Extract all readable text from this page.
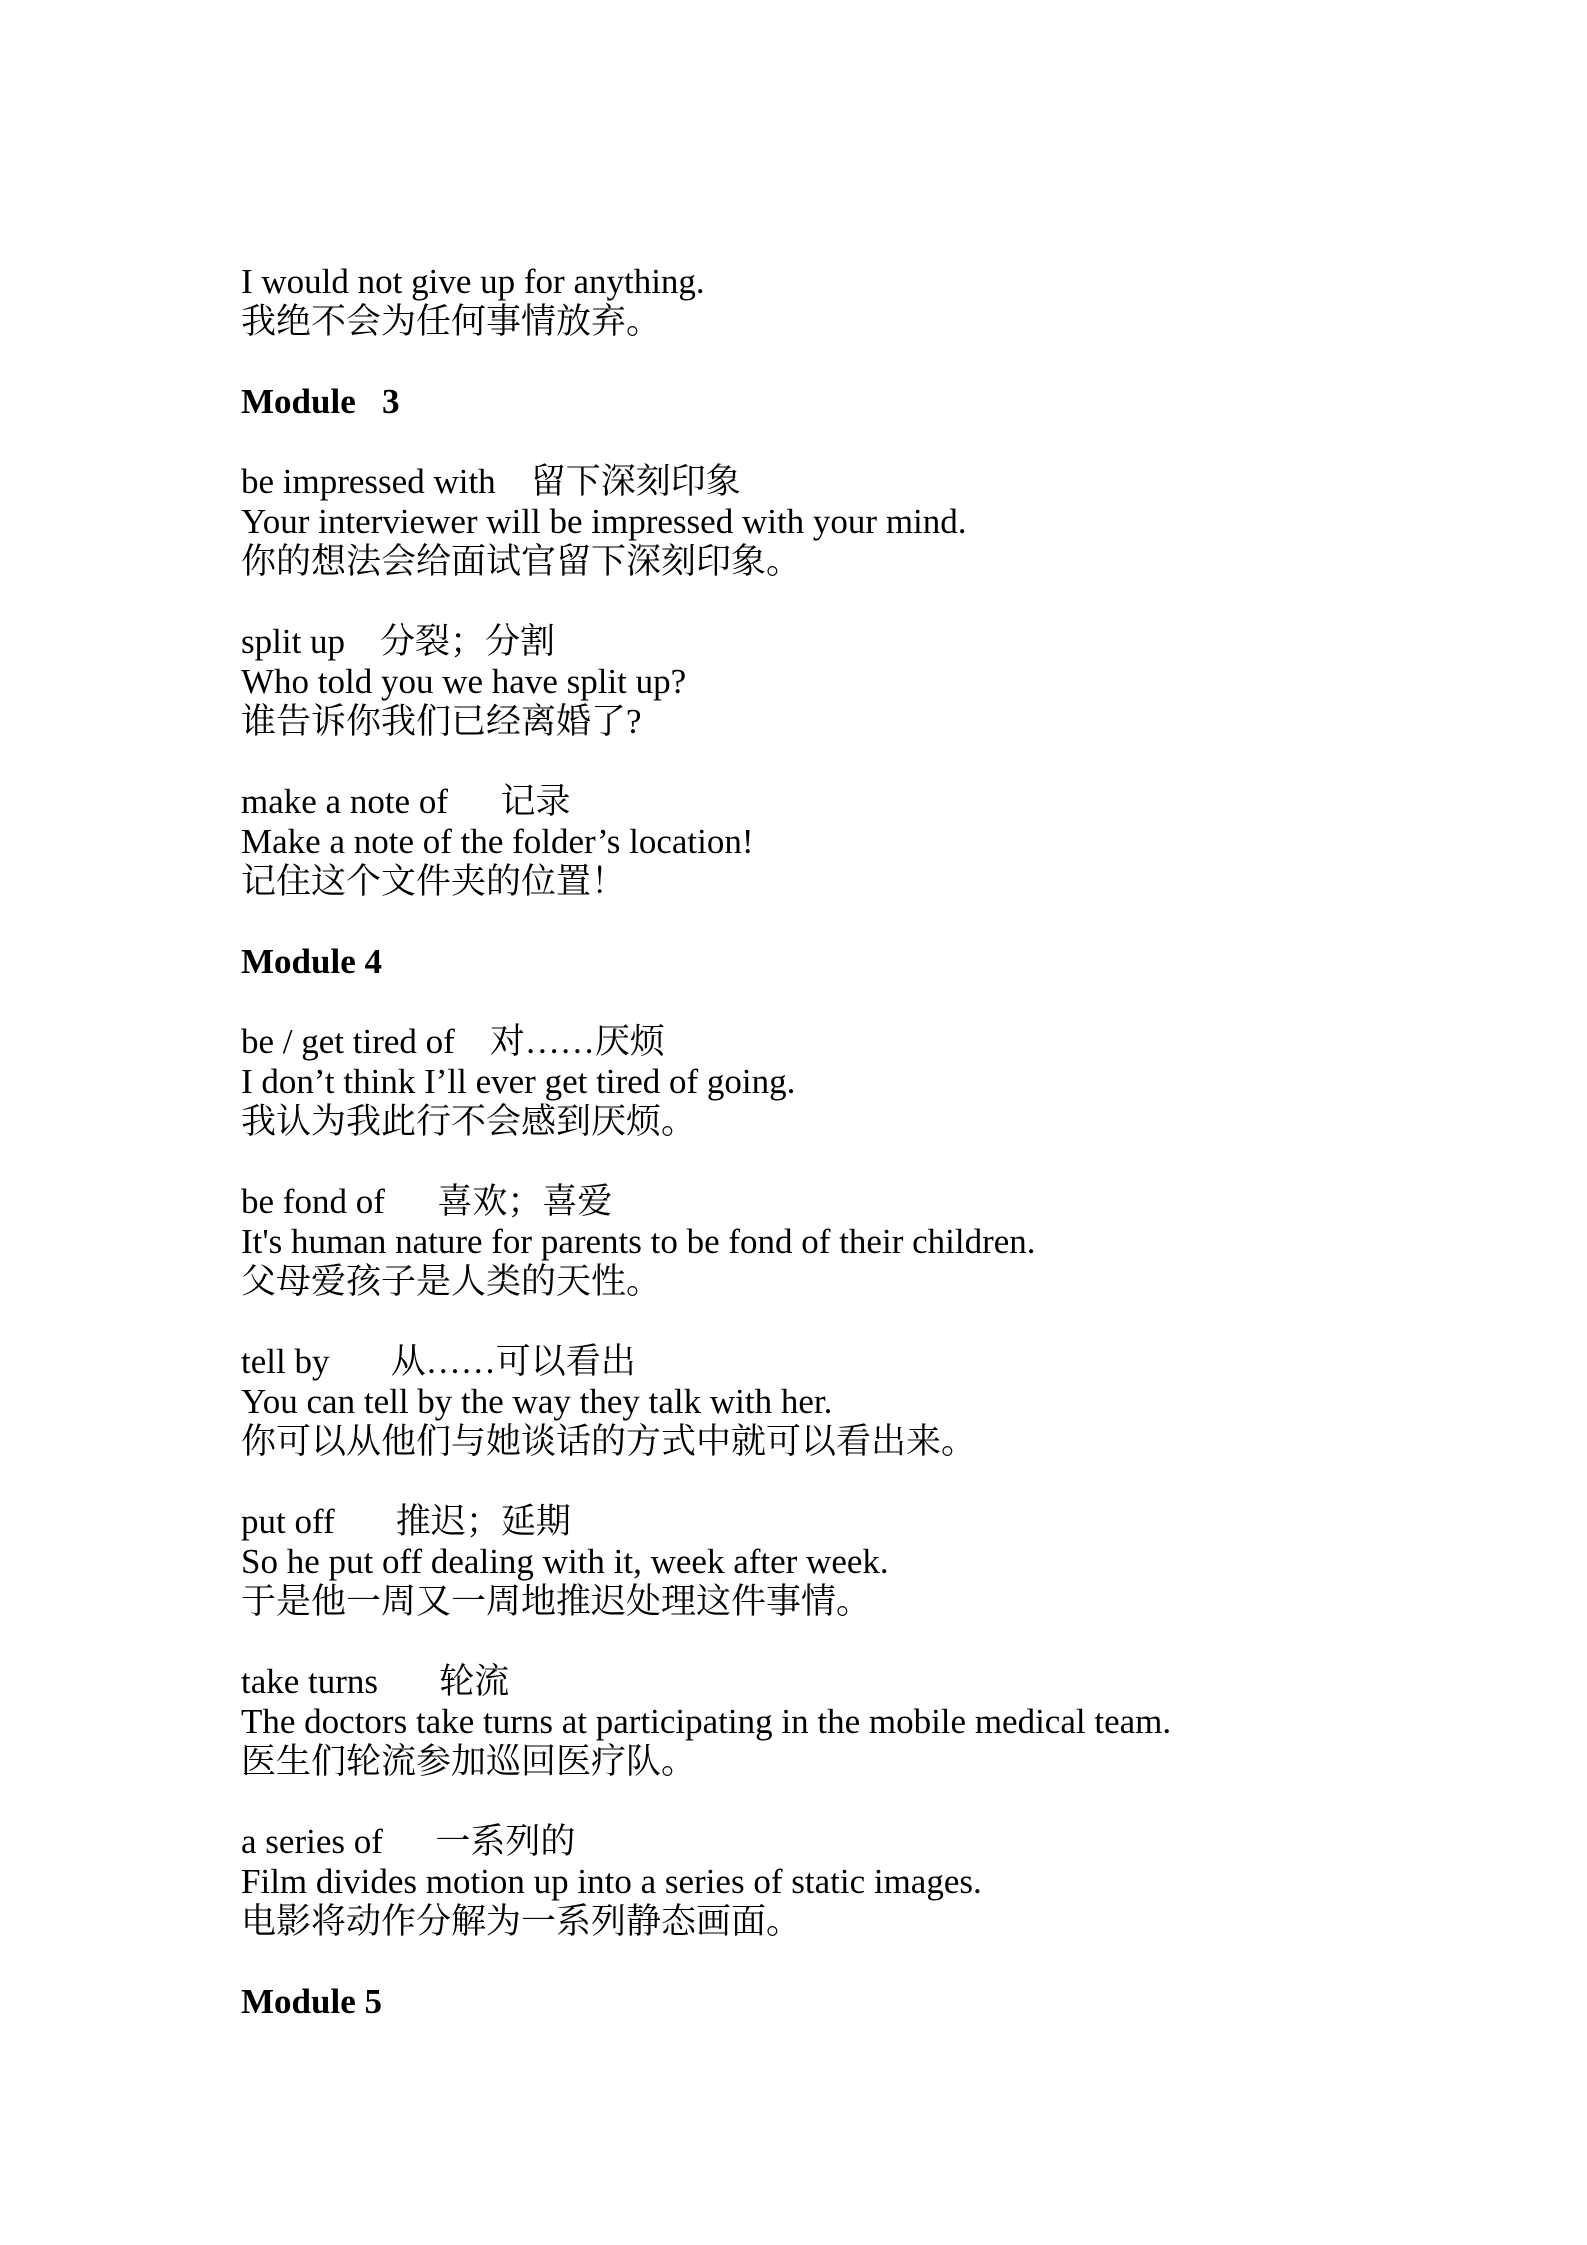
I would not give up for anything.

我绝不会为任何事情放弃。

Module   3

be impressed with 留下深刻印象

Your interviewer will be impressed with your mind.

你的想法会给面试官留下深刻印象。

split up 分裂；分割

Who told you we have split up?

谁告诉你我们已经离婚了?

make a note of 记录

Make a note of the folder’s location!

记住这个文件夹的位置！

Module 4

be / get tired of 对……厌烦

I don’t think I’ll ever get tired of going.

我认为我此行不会感到厌烦。

be fond of 喜欢；喜爱

It's human nature for parents to be fond of their children.

父母爱孩子是人类的天性。

tell by 从……可以看出

You can tell by the way they talk with her.

你可以从他们与她谈话的方式中就可以看出来。

put off 推迟；延期

So he put off dealing with it, week after week.

于是他一周又一周地推迟处理这件事情。

take turns 轮流

The doctors take turns at participating in the mobile medical team.

医生们轮流参加巡回医疗队。

a series of 一系列的

Film divides motion up into a series of static images.

电影将动作分解为一系列静态画面。

Module 5
